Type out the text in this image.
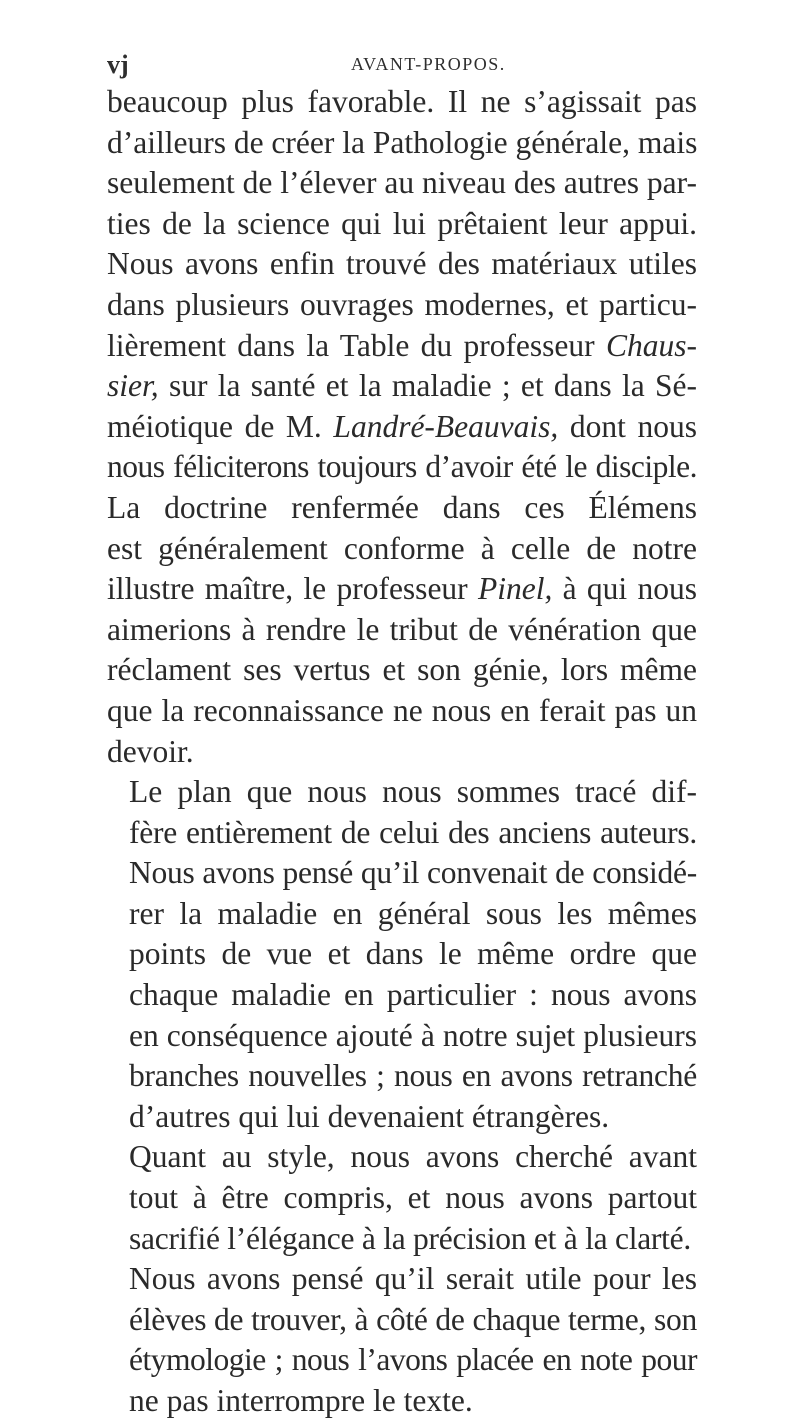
vj	AVANT-PROPOS.

beaucoup plus favorable. Il ne s’agissait pas
d’ailleurs de créer la Pathologie générale, mais
seulement de l’élever au niveau des autres par-
ties de la science qui lui prêtaient leur appui.
Nous avons enfin trouvé des matériaux utiles
dans plusieurs ouvrages modernes, et particu-
lièrement dans la Table du professeur Chaus-
sier, sur la santé et la maladie ; et dans la Sé-
méiotique de M. Landré-Beauvais, dont nous
nous féliciterons toujours d’avoir été le disciple.
La doctrine renfermée dans ces Élémens
est généralement conforme à celle de notre
illustre maître, le professeur Pinel, à qui nous
aimerions à rendre le tribut de vénération que
réclament ses vertus et son génie, lors même
que la reconnaissance ne nous en ferait pas un
devoir.

Le plan que nous nous sommes tracé dif-
fère entièrement de celui des anciens auteurs.
Nous avons pensé qu’il convenait de considé-
rer la maladie en général sous les mêmes
points de vue et dans le même ordre que
chaque maladie en particulier : nous avons
en conséquence ajouté à notre sujet plusieurs
branches nouvelles ; nous en avons retranché
d’autres qui lui devenaient étrangères.

Quant au style, nous avons cherché avant
tout à être compris, et nous avons partout
sacrifié l’élégance à la précision et à la clarté.

Nous avons pensé qu’il serait utile pour les
élèves de trouver, à côté de chaque terme, son
étymologie ; nous l’avons placée en note pour
ne pas interrompre le texte.
